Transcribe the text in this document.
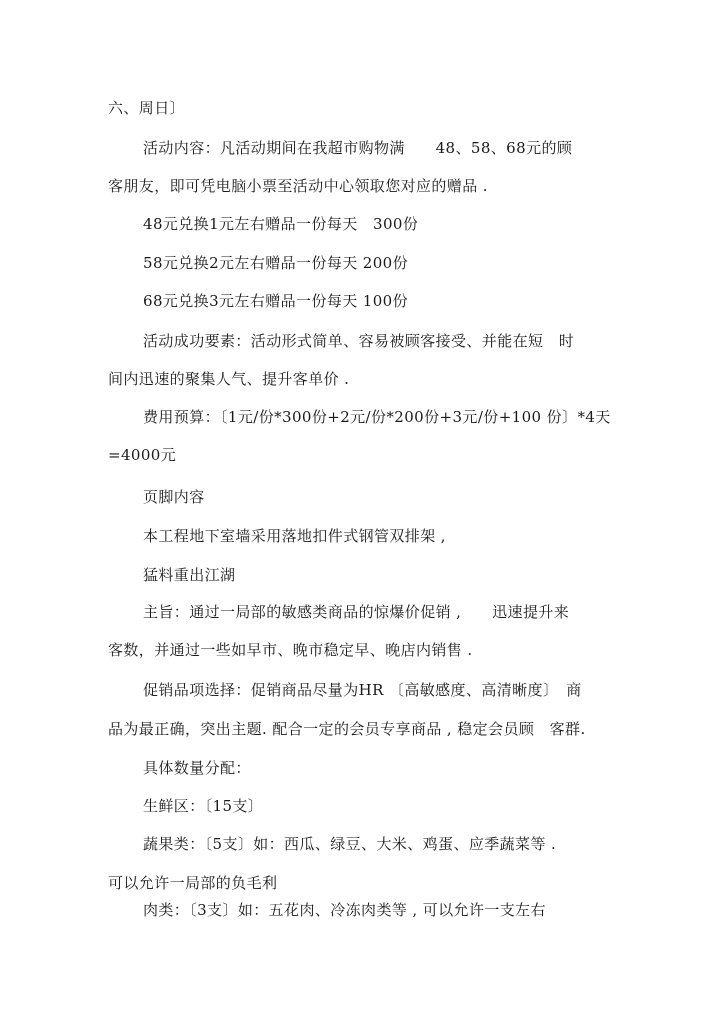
六、周日〕
活动内容：凡活动期间在我超市购物满　　48、58、68元的顾
客朋友，即可凭电脑小票至活动中心领取您对应的赠品 .
48元兑换1元左右赠品一份每天　300份
58元兑换2元左右赠品一份每天 200份
68元兑换3元左右赠品一份每天 100份
活动成功要素：活动形式简单、容易被顾客接受、并能在短　时
间内迅速的聚集人气、提升客单价 .
费用预算：〔1元/份*300份+2元/份*200份+3元/份+100 份〕*4天
=4000元
页脚内容
本工程地下室墙采用落地扣件式钢管双排架 ,
猛料重出江湖
主旨：通过一局部的敏感类商品的惊爆价促销 ,　　迅速提升来
客数，并通过一些如早市、晚市稳定早、晚店内销售 .
促销品项选择：促销商品尽量为HR 〔高敏感度、高清晰度〕　商
品为最正确，突出主题. 配合一定的会员专享商品 , 稳定会员顾　客群.
具体数量分配：
生鲜区：〔15支〕
蔬果类：〔5支〕如：西瓜、绿豆、大米、鸡蛋、应季蔬菜等 .
可以允许一局部的负毛利
肉类：〔3支〕如：五花肉、冷冻肉类等 , 可以允许一支左右
